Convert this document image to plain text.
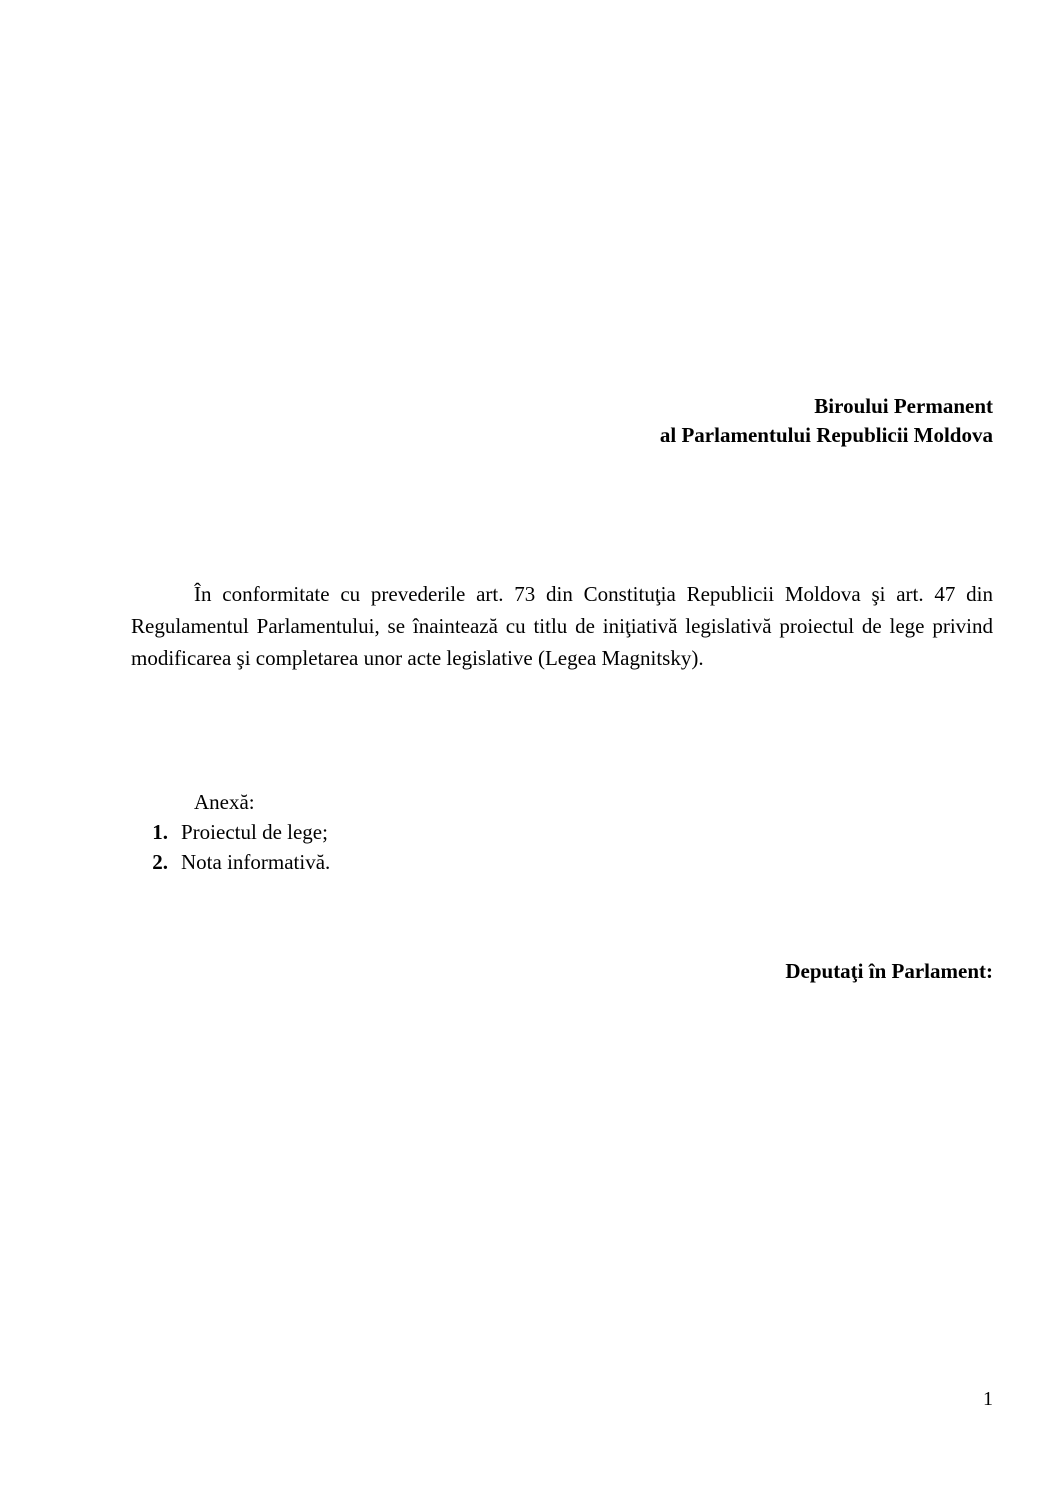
Biroului Permanent
al Parlamentului Republicii Moldova

În conformitate cu prevederile art. 73 din Constituţia Republicii Moldova şi art. 47 din Regulamentul Parlamentului, se înaintează cu titlu de iniţiativă legislativă proiectul de lege privind modificarea şi completarea unor acte legislative (Legea Magnitsky).

Anexă:
1. Proiectul de lege;
2. Nota informativă.
Deputaţi în Parlament:
1
